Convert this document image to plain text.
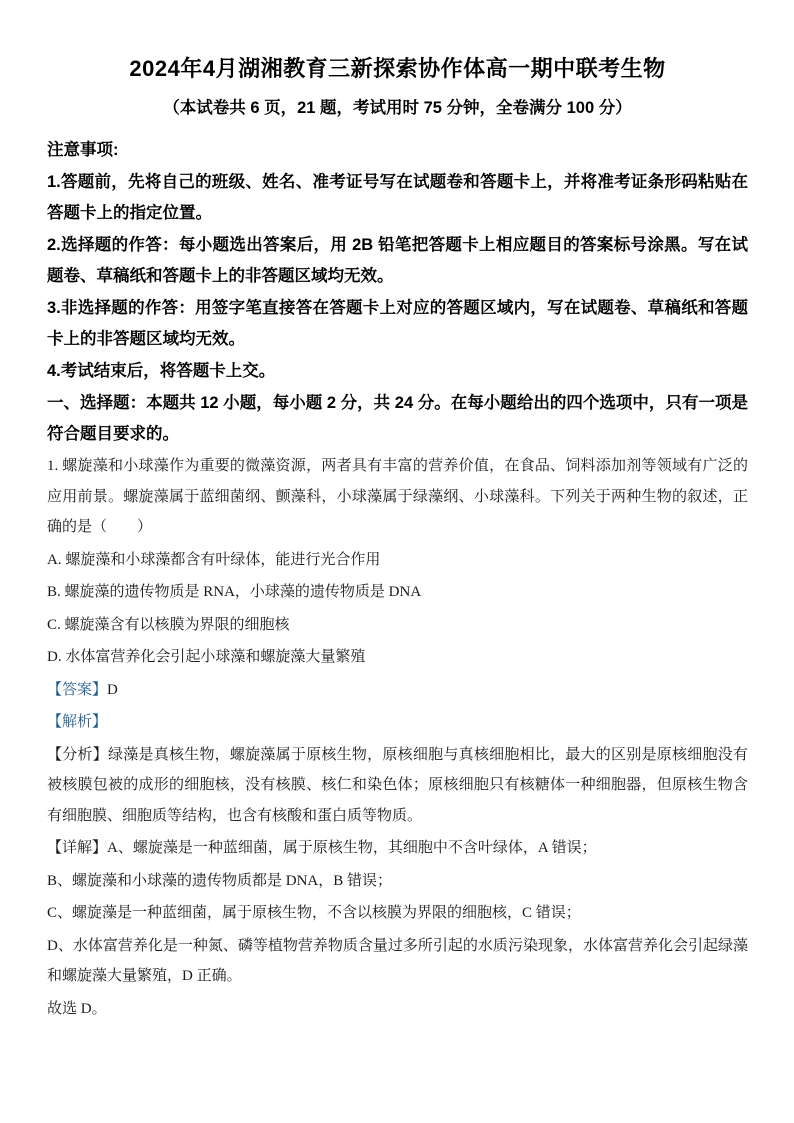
2024年4月湖湘教育三新探索协作体高一期中联考生物

（本试卷共 6 页，21 题，考试用时 75 分钟，全卷满分 100 分）

注意事项:

1.答题前，先将自己的班级、姓名、准考证号写在试题卷和答题卡上，并将准考证条形码粘贴在答题卡上的指定位置。

2.选择题的作答：每小题选出答案后，用 2B 铅笔把答题卡上相应题目的答案标号涂黑。写在试题卷、草稿纸和答题卡上的非答题区域均无效。

3.非选择题的作答：用签字笔直接答在答题卡上对应的答题区域内，写在试题卷、草稿纸和答题卡上的非答题区域均无效。

4.考试结束后，将答题卡上交。

一、选择题：本题共 12 小题，每小题 2 分，共 24 分。在每小题给出的四个选项中，只有一项是符合题目要求的。

1. 螺旋藻和小球藻作为重要的微藻资源，两者具有丰富的营养价值，在食品、饲料添加剂等领域有广泛的应用前景。螺旋藻属于蓝细菌纲、颤藻科，小球藻属于绿藻纲、小球藻科。下列关于两种生物的叙述，正确的是（　　）

A. 螺旋藻和小球藻都含有叶绿体，能进行光合作用

B. 螺旋藻的遗传物质是 RNA，小球藻的遗传物质是 DNA

C. 螺旋藻含有以核膜为界限的细胞核

D. 水体富营养化会引起小球藻和螺旋藻大量繁殖

【答案】D

【解析】

【分析】绿藻是真核生物，螺旋藻属于原核生物，原核细胞与真核细胞相比，最大的区别是原核细胞没有被核膜包被的成形的细胞核，没有核膜、核仁和染色体；原核细胞只有核糖体一种细胞器，但原核生物含有细胞膜、细胞质等结构，也含有核酸和蛋白质等物质。

【详解】A、螺旋藻是一种蓝细菌，属于原核生物，其细胞中不含叶绿体，A 错误；

B、螺旋藻和小球藻的遗传物质都是 DNA，B 错误；

C、螺旋藻是一种蓝细菌，属于原核生物，不含以核膜为界限的细胞核，C 错误；

D、水体富营养化是一种氮、磷等植物营养物质含量过多所引起的水质污染现象，水体富营养化会引起绿藻和螺旋藻大量繁殖，D 正确。

故选 D。
